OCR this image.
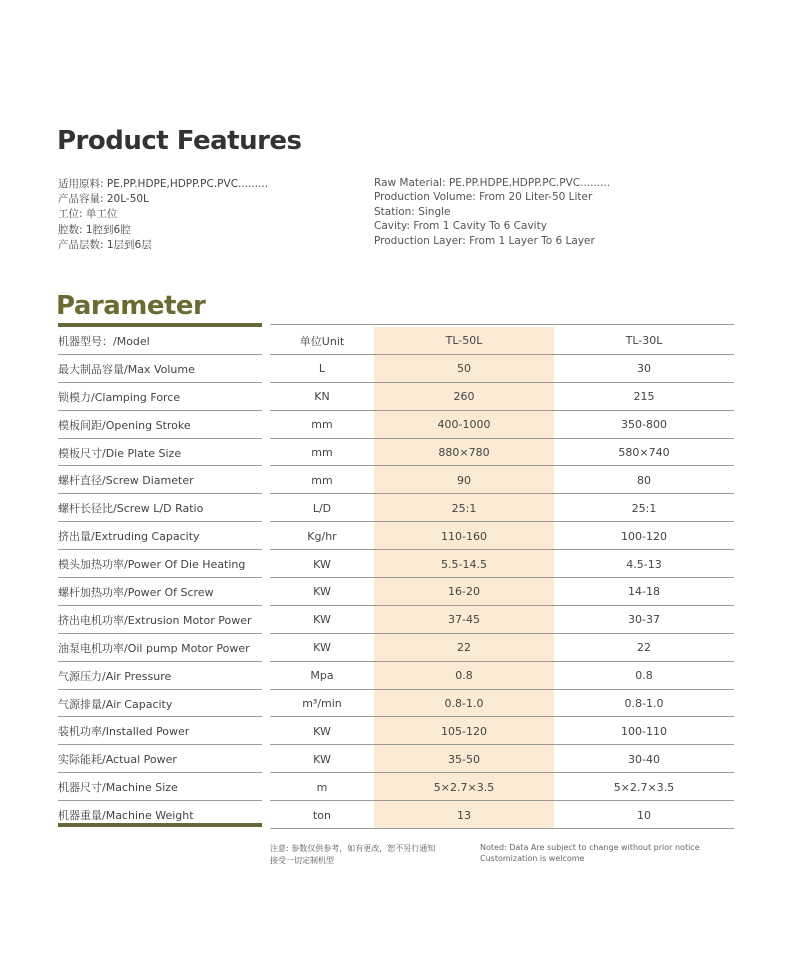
Product Features
适用原料: PE.PP.HDPE,HDPP.PC.PVC.........
产品容量: 20L-50L
工位: 单工位
腔数: 1腔到6腔
产品层数: 1层到6层
Raw Material: PE.PP.HDPE,HDPP.PC.PVC.........
Production Volume: From 20 Liter-50 Liter
Station: Single
Cavity: From 1 Cavity To 6 Cavity
Production Layer: From 1 Layer To 6 Layer
Parameter
机器型号：/Model	单位Unit	TL-50L	TL-30L
最大制品容量/Max Volume	L	50	30
锁模力/Clamping Force	KN	260	215
模板间距/Opening Stroke	mm	400-1000	350-800
模板尺寸/Die Plate Size	mm	880×780	580×740
螺杆直径/Screw Diameter	mm	90	80
螺杆长径比/Screw L/D Ratio	L/D	25:1	25:1
挤出量/Extruding Capacity	Kg/hr	110-160	100-120
模头加热功率/Power Of Die Heating	KW	5.5-14.5	4.5-13
螺杆加热功率/Power Of Screw	KW	16-20	14-18
挤出电机功率/Extrusion Motor Power	KW	37-45	30-37
油泵电机功率/Oil pump Motor Power	KW	22	22
气源压力/Air Pressure	Mpa	0.8	0.8
气源排量/Air Capacity	m³/min	0.8-1.0	0.8-1.0
装机功率/Installed Power	KW	105-120	100-110
实际能耗/Actual Power	KW	35-50	30-40
机器尺寸/Machine Size	m	5×2.7×3.5	5×2.7×3.5
机器重量/Machine Weight	ton	13	10
注意: 参数仅供参考，如有更改，恕不另行通知
接受一切定制机型
Noted: Data Are subject to change without prior notice
Customization is welcome
